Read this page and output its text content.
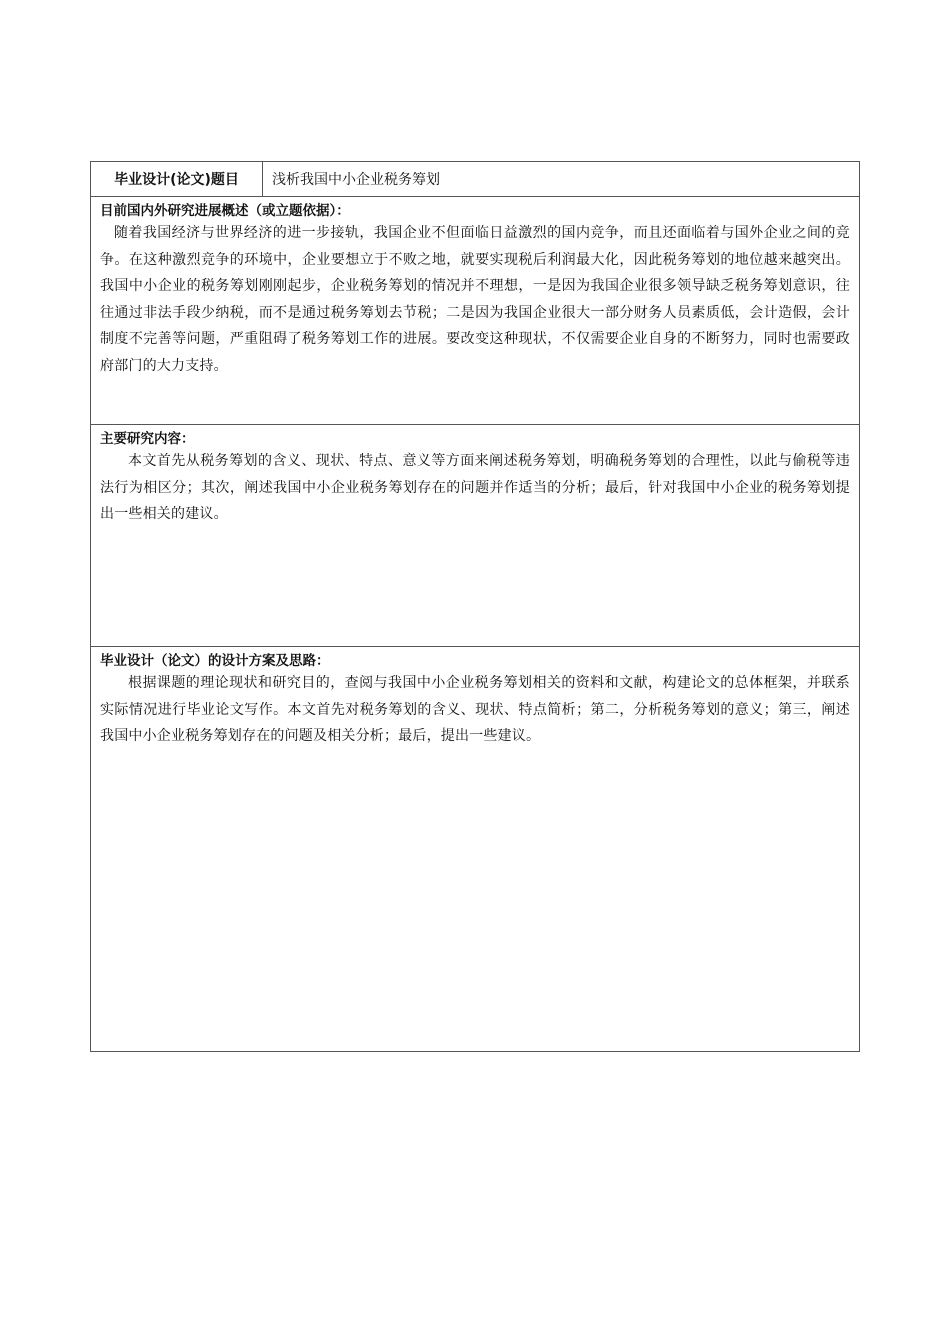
毕业设计(论文)题目	浅析我国中小企业税务筹划

目前国内外研究进展概述（或立题依据）：

随着我国经济与世界经济的进一步接轨，我国企业不但面临日益激烈的国内竞争，而且还面临着与国外企业之间的竞争。在这种激烈竞争的环境中，企业要想立于不败之地，就要实现税后利润最大化，因此税务筹划的地位越来越突出。我国中小企业的税务筹划刚刚起步，企业税务筹划的情况并不理想，一是因为我国企业很多领导缺乏税务筹划意识，往往通过非法手段少纳税，而不是通过税务筹划去节税；二是因为我国企业很大一部分财务人员素质低，会计造假，会计制度不完善等问题，严重阻碍了税务筹划工作的进展。要改变这种现状，不仅需要企业自身的不断努力，同时也需要政府部门的大力支持。

主要研究内容：

本文首先从税务筹划的含义、现状、特点、意义等方面来阐述税务筹划，明确税务筹划的合理性，以此与偷税等违法行为相区分；其次，阐述我国中小企业税务筹划存在的问题并作适当的分析；最后，针对我国中小企业的税务筹划提出一些相关的建议。

毕业设计（论文）的设计方案及思路：

根据课题的理论现状和研究目的，查阅与我国中小企业税务筹划相关的资料和文献，构建论文的总体框架，并联系实际情况进行毕业论文写作。本文首先对税务筹划的含义、现状、特点简析；第二，分析税务筹划的意义；第三，阐述我国中小企业税务筹划存在的问题及相关分析；最后，提出一些建议。
